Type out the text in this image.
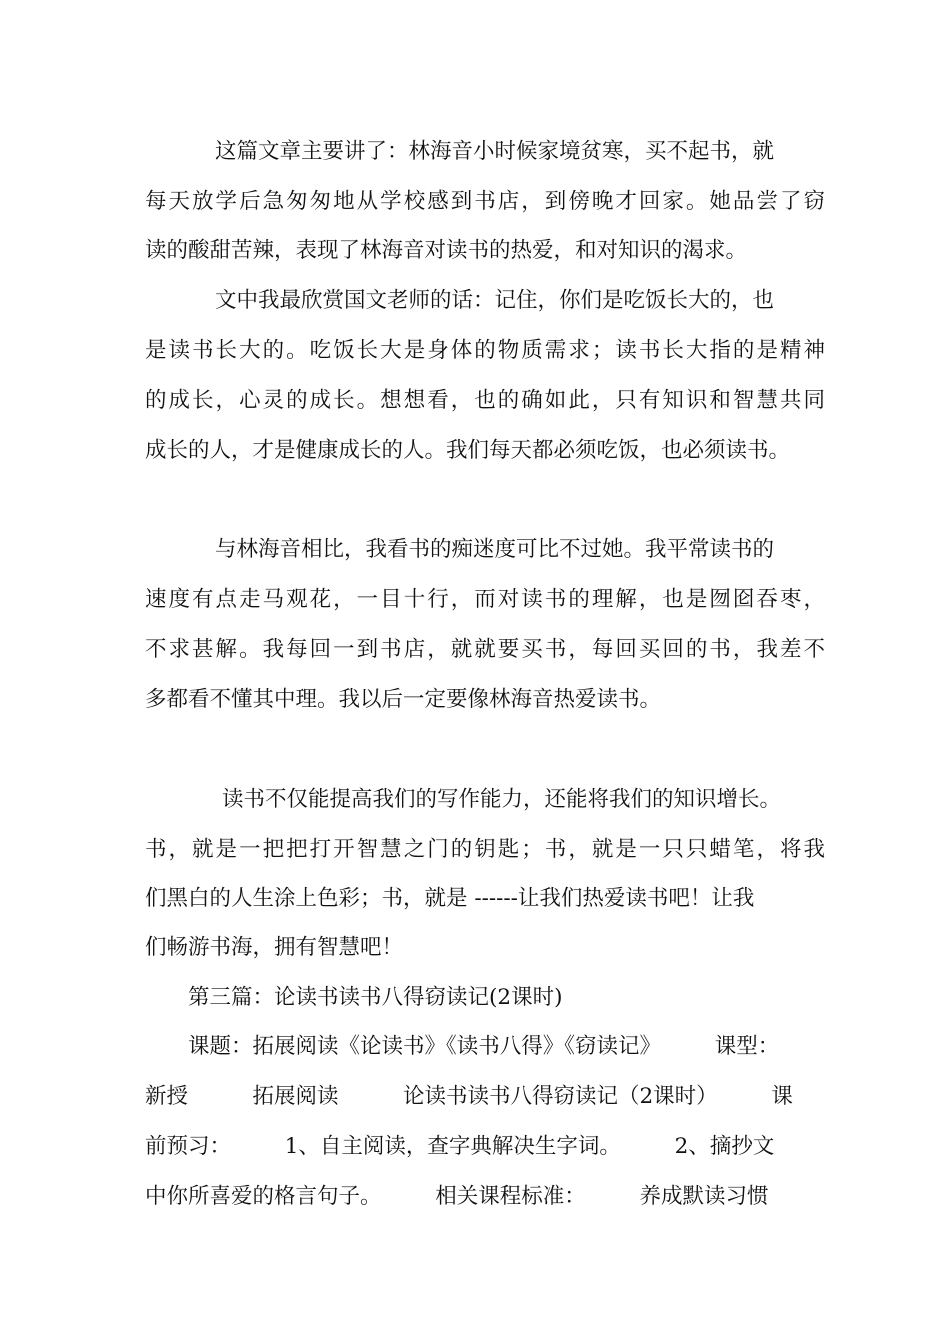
这篇文章主要讲了：林海音小时候家境贫寒，买不起书，就
每天放学后急匆匆地从学校感到书店，到傍晚才回家。她品尝了窃
读的酸甜苦辣，表现了林海音对读书的热爱，和对知识的渴求。
文中我最欣赏国文老师的话：记住，你们是吃饭长大的，也
是读书长大的。吃饭长大是身体的物质需求；读书长大指的是精神
的成长，心灵的成长。想想看，也的确如此，只有知识和智慧共同
成长的人，才是健康成长的人。我们每天都必须吃饭，也必须读书。
与林海音相比，我看书的痴迷度可比不过她。我平常读书的
速度有点走马观花，一目十行，而对读书的理解，也是囫囵吞枣，
不求甚解。我每回一到书店，就就要买书，每回买回的书，我差不
多都看不懂其中理。我以后一定要像林海音热爱读书。
读书不仅能提高我们的写作能力，还能将我们的知识增长。
书，就是一把把打开智慧之门的钥匙；书，就是一只只蜡笔，将我
们黑白的人生涂上色彩；书，就是 ------让我们热爱读书吧！让我
们畅游书海，拥有智慧吧！
第三篇：论读书读书八得窃读记(2课时)
课题：拓展阅读《论读书》《读书八得》《窃读记》　　　课型：
新授　　　拓展阅读　　　论读书读书八得窃读记（2课时）　　　课
前预习：　　　1、自主阅读，查字典解决生字词。　　　2、摘抄文
中你所喜爱的格言句子。　　　相关课程标准：　　　养成默读习惯
